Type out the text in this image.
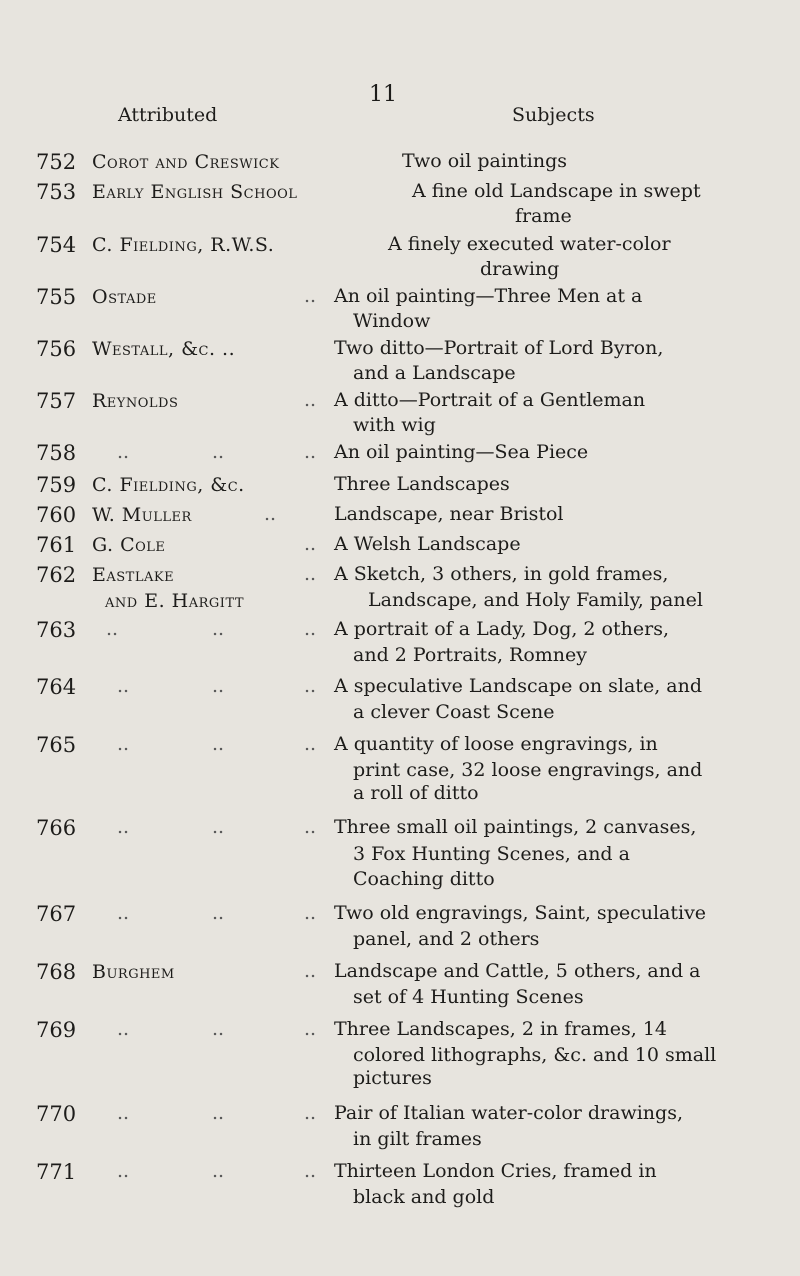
11
Attributed	Subjects
752 Corot and Creswick	Two oil paintings
753 Early English School	A fine old Landscape in swept
frame
754 C. Fielding, R.W.S.	A finely executed water-color
drawing
755 Ostade	.. An oil painting—Three Men at a
Window
756 Westall, &c. ..	Two ditto—Portrait of Lord Byron,
and a Landscape
757 Reynolds	.. A ditto—Portrait of a Gentleman
with wig
758 ..	..	.. An oil painting—Sea Piece
759 C. Fielding, &c.	Three Landscapes
760 W. Muller	..	Landscape, near Bristol
761 G. Cole	.. A Welsh Landscape
762 Eastlake	..
and E. Hargitt
A Sketch, 3 others, in gold frames,
Landscape, and Holy Family, panel
763 ..	..	.. A portrait of a Lady, Dog, 2 others,
and 2 Portraits, Romney
764 ..	..	.. A speculative Landscape on slate, and
a clever Coast Scene
765 ..	..	.. A quantity of loose engravings, in
print case, 32 loose engravings, and
a roll of ditto
766 ..	..	.. Three small oil paintings, 2 canvases,
3 Fox Hunting Scenes, and a
Coaching ditto
767 ..	..	.. Two old engravings, Saint, speculative
panel, and 2 others
768 Burghem	.. Landscape and Cattle, 5 others, and a
set of 4 Hunting Scenes
769 ..	..	.. Three Landscapes, 2 in frames, 14
colored lithographs, &c. and 10 small
pictures
770 ..	..	.. Pair of Italian water-color drawings,
in gilt frames
771 ..	..	.. Thirteen London Cries, framed in
black and gold
